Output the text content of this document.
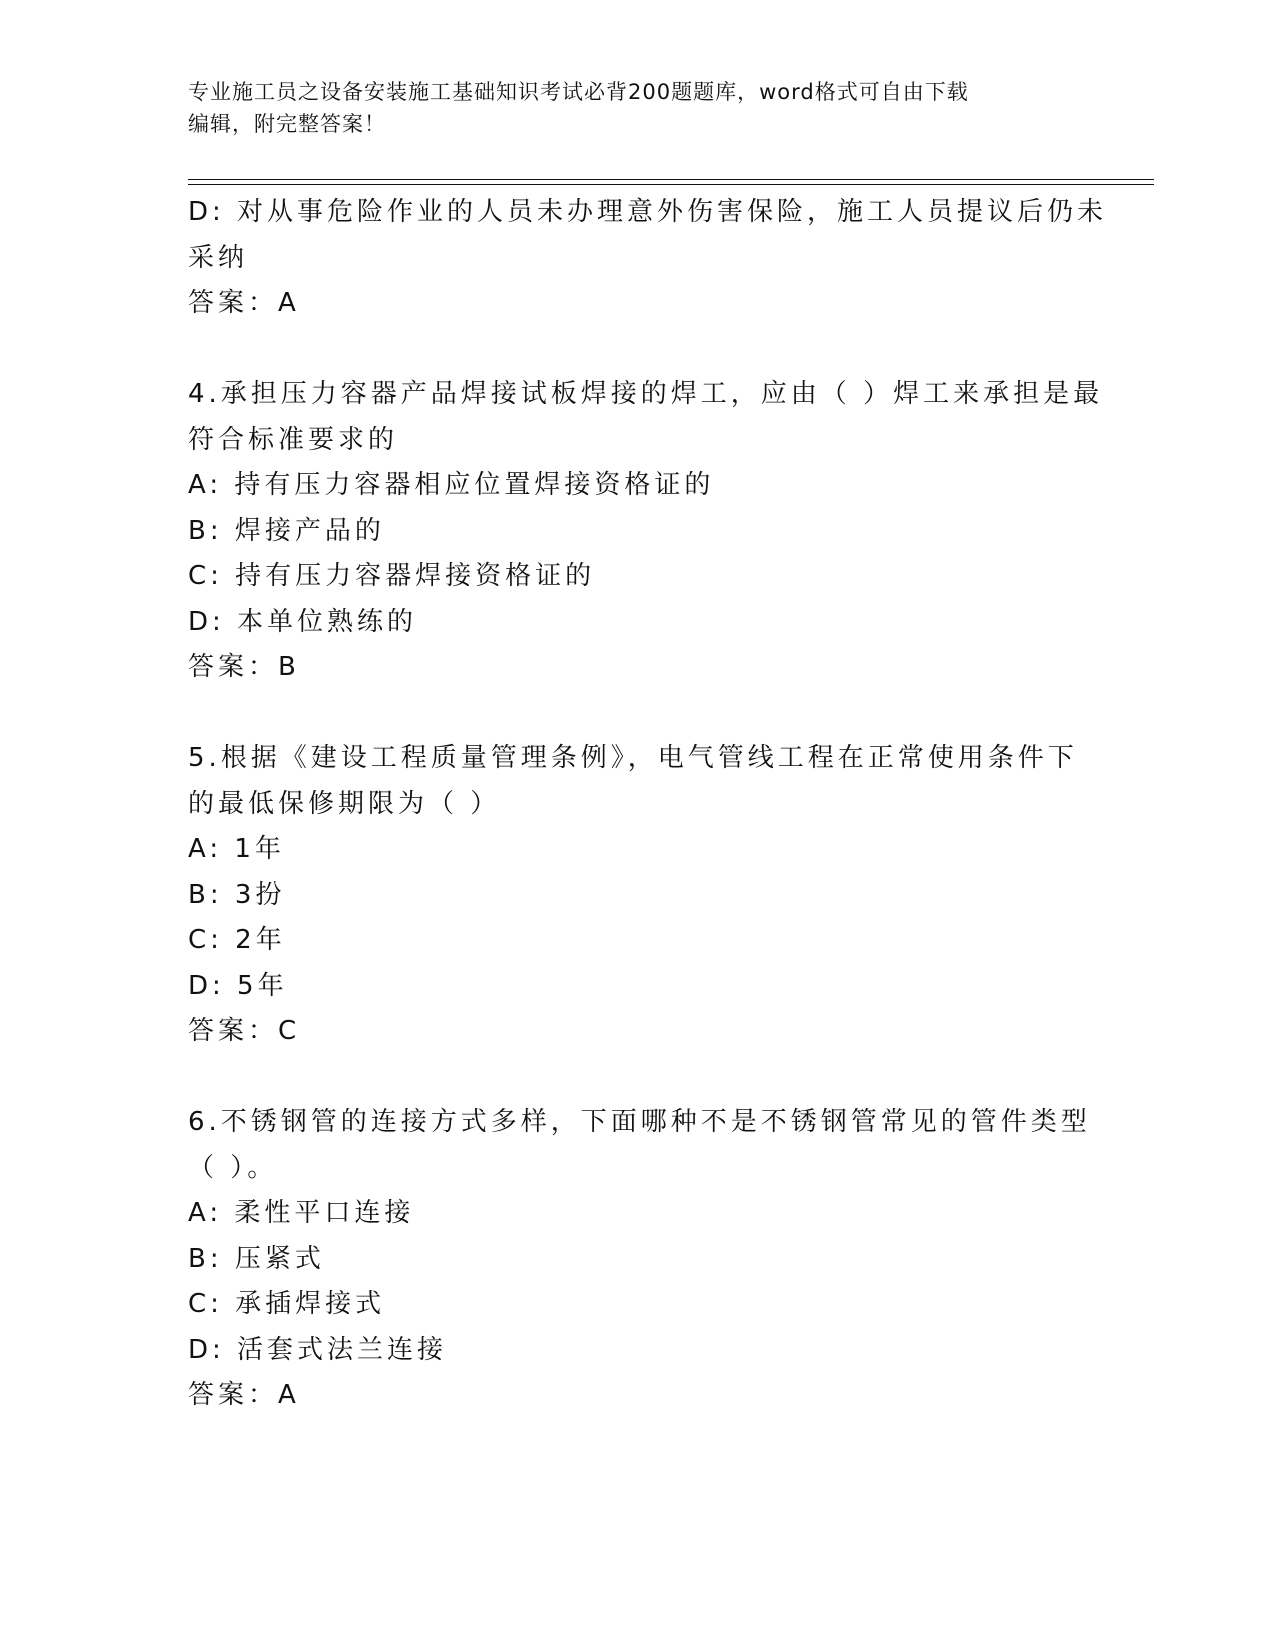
专业施工员之设备安装施工基础知识考试必背200题题库，word格式可自由下载
编辑，附完整答案！
D: 对从事危险作业的人员未办理意外伤害保险，施工人员提议后仍未
采纳
答案：A
4.承担压力容器产品焊接试板焊接的焊工，应由（ ）焊工来承担是最
符合标准要求的
A: 持有压力容器相应位置焊接资格证的
B: 焊接产品的
C: 持有压力容器焊接资格证的
D: 本单位熟练的
答案：B
5.根据《建设工程质量管理条例》，电气管线工程在正常使用条件下
的最低保修期限为（ ）
A: 1年
B: 3扮
C: 2年
D: 5年
答案：C
6.不锈钢管的连接方式多样，下面哪种不是不锈钢管常见的管件类型
（ ）。
A: 柔性平口连接
B: 压紧式
C: 承插焊接式
D: 活套式法兰连接
答案：A
